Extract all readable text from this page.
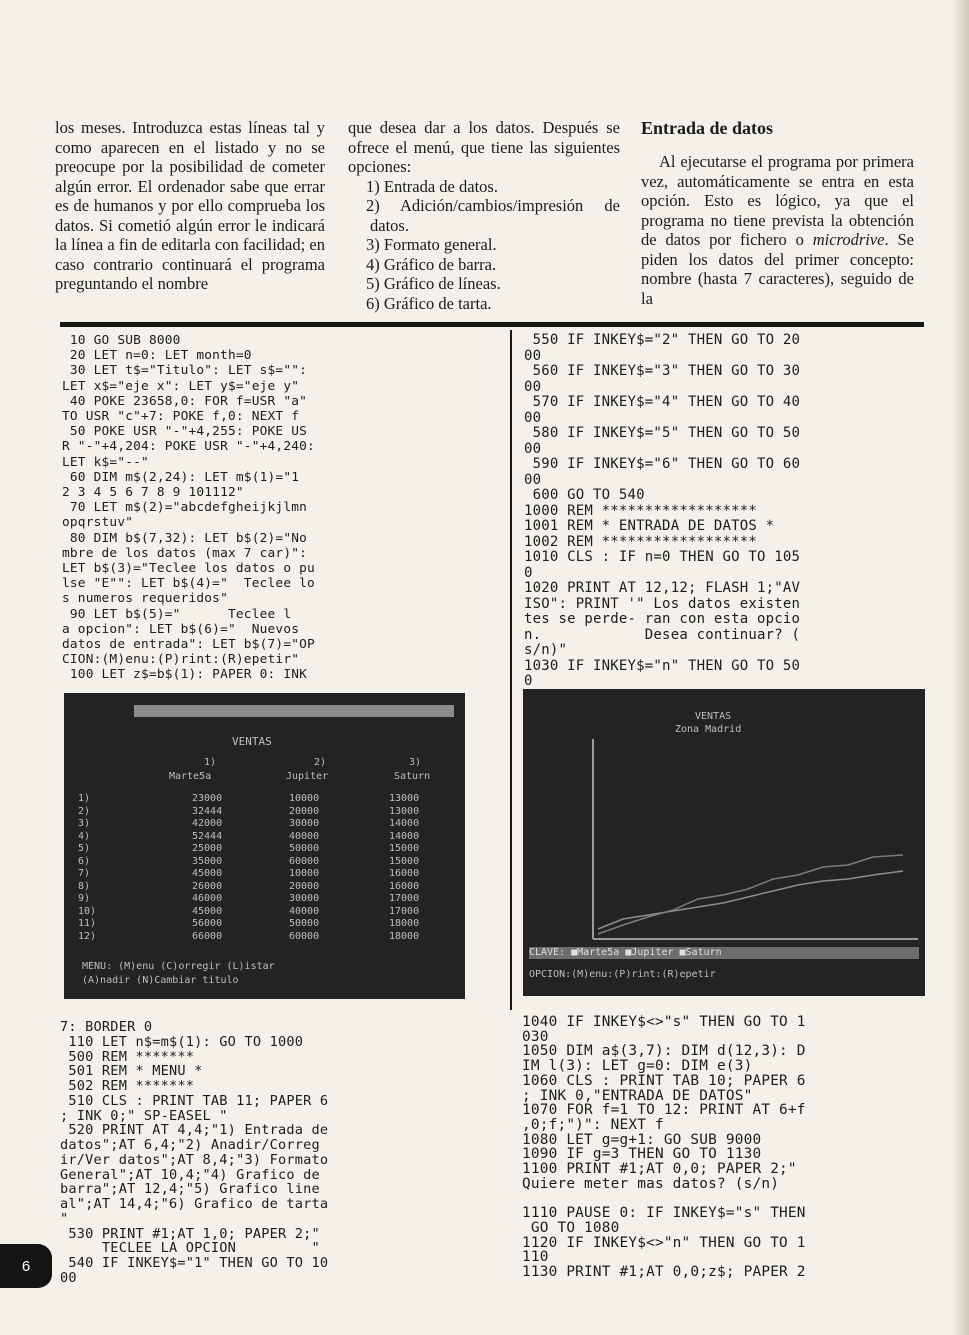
los meses. Introduzca estas líneas tal y como aparecen en el listado y no se preocupe por la posibilidad de cometer algún error. El ordenador sabe que errar es de humanos y por ello comprueba los datos. Si cometió algún error le indicará la línea a fin de editarla con facilidad; en caso contrario continuará el programa preguntando el nombre

que desea dar a los datos. Después se ofrece el menú, que tiene las siguientes opciones:

1) Entrada de datos.

2) Adición/cambios/impresión de datos.

3) Formato general.

4) Gráfico de barra.

5) Gráfico de líneas.

6) Gráfico de tarta.

Entrada de datos

Al ejecutarse el programa por primera vez, automáticamente se entra en esta opción. Esto es lógico, ya que el programa no tiene prevista la obtención de datos por fichero o microdrive. Se piden los datos del primer concepto: nombre (hasta 7 caracteres), seguido de la

10 GO SUB 8000
20 LET n=0: LET month=0
30 LET t$="Titulo": LET s$="":
LET x$="eje x": LET y$="eje y"
40 POKE 23658,0: FOR f=USR "a"
TO USR "c"+7: POKE f,0: NEXT f
50 POKE USR "-"+4,255: POKE US
R "-"+4,204: POKE USR "-"+4,240:
LET k$="--"
60 DIM m$(2,24): LET m$(1)="1
2 3 4 5 6 7 8 9 101112"
70 LET m$(2)="abcdefgheijkjlmn
opqrstuv"
80 DIM b$(7,32): LET b$(2)="No
mbre de los datos (max 7 car)":
LET b$(3)="Teclee los datos o pu
lse "E"": LET b$(4)="  Teclee lo
s numeros requeridos"
90 LET b$(5)="      Teclee l
a opcion": LET b$(6)="  Nuevos
datos de entrada": LET b$(7)="OP
CION:(M)enu:(P)rint:(R)epetir"
100 LET z$=b$(1): PAPER 0: INK
550 IF INKEY$="2" THEN GO TO 20
00
560 IF INKEY$="3" THEN GO TO 30
00
570 IF INKEY$="4" THEN GO TO 40
00
580 IF INKEY$="5" THEN GO TO 50
00
590 IF INKEY$="6" THEN GO TO 60
00
600 GO TO 540
1000 REM ******************
1001 REM * ENTRADA DE DATOS *
1002 REM ******************
1010 CLS : IF n=0 THEN GO TO 105
0
1020 PRINT AT 12,12; FLASH 1;"AV
ISO": PRINT '" Los datos existen
tes se perde- ran con esta opcio
n.            Desea continuar? (
s/n)"
1030 IF INKEY$="n" THEN GO TO 50
0
VENTAS
1)	2)	3)
Marte5a	Jupiter	Saturn
1)	23000	10000	13000
2)	32444	20000	13000
3)	42000	30000	14000
4)	52444	40000	14000
5)	25000	50000	15000
6)	35000	60000	15000
7)	45000	10000	16000
8)	26000	20000	16000
9)	46000	30000	17000
10)	45000	40000	17000
11)	56000	50000	18000
12)	66000	60000	18000
MENU: (M)enu (C)orregir (L)istar
(A)nadir (N)Cambiar titulo
VENTAS
Zona Madrid
CLAVE: ■Marte5a ■Jupiter ■Saturn
OPCION:(M)enu:(P)rint:(R)epetir
7: BORDER 0
110 LET n$=m$(1): GO TO 1000
500 REM *******
501 REM * MENU *
502 REM *******
510 CLS : PRINT TAB 11; PAPER 6
; INK 0;" SP-EASEL "
520 PRINT AT 4,4;"1) Entrada de
datos";AT 6,4;"2) Anadir/Correg
ir/Ver datos";AT 8,4;"3) Formato
General";AT 10,4;"4) Grafico de
barra";AT 12,4;"5) Grafico line
al";AT 14,4;"6) Grafico de tarta
"
530 PRINT #1;AT 1,0; PAPER 2;"
TECLEE LA OPCION         "
540 IF INKEY$="1" THEN GO TO 10
00
1040 IF INKEY$<>"s" THEN GO TO 1
030
1050 DIM a$(3,7): DIM d(12,3): D
IM l(3): LET g=0: DIM e(3)
1060 CLS : PRINT TAB 10; PAPER 6
; INK 0,"ENTRADA DE DATOS"
1070 FOR f=1 TO 12: PRINT AT 6+f
,0;f;")": NEXT f
1080 LET g=g+1: GO SUB 9000
1090 IF g=3 THEN GO TO 1130
1100 PRINT #1;AT 0,0; PAPER 2;"
Quiere meter mas datos? (s/n)

1110 PAUSE 0: IF INKEY$="s" THEN
GO TO 1080
1120 IF INKEY$<>"n" THEN GO TO 1
110
1130 PRINT #1;AT 0,0;z$; PAPER 2
6
